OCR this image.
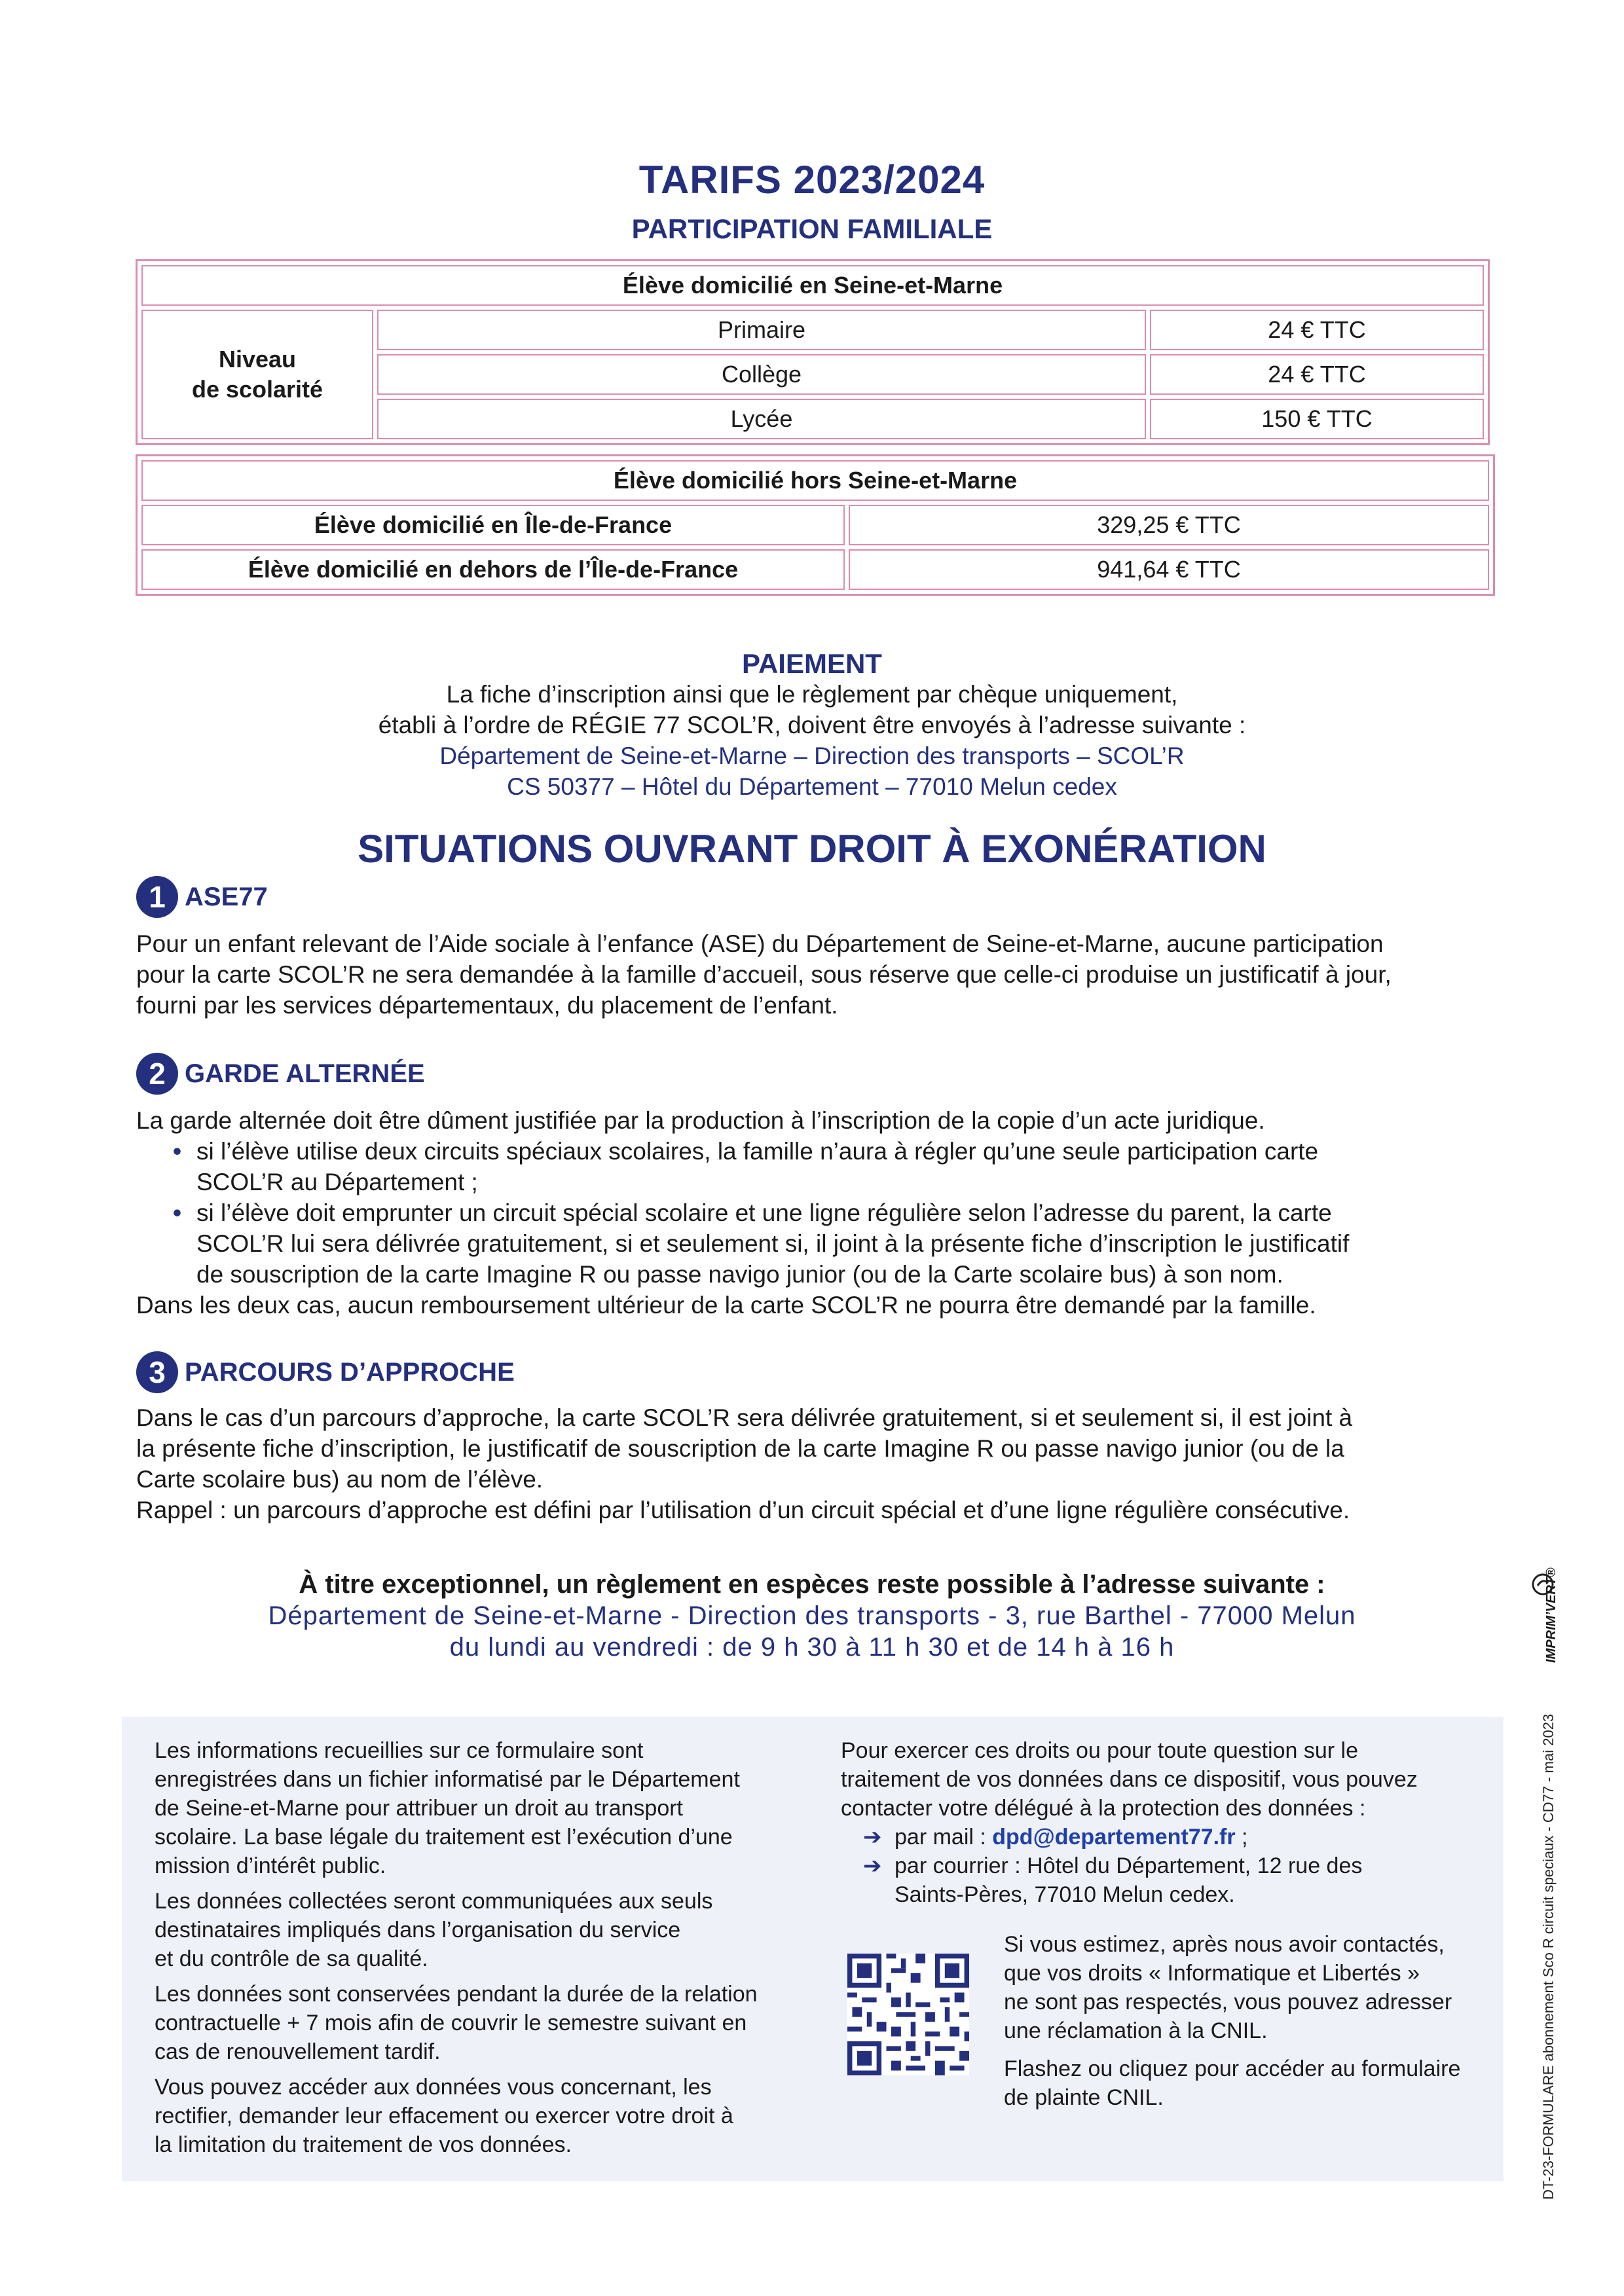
TARIFS 2023/2024
PARTICIPATION FAMILIALE
Élève domicilié en Seine-et-Marne		
Niveau
de scolarité	Primaire	24 € TTC
	Collège	24 € TTC
	Lycée	150 € TTC
Élève domicilié hors Seine-et-Marne	
Élève domicilié en Île-de-France	329,25 € TTC
Élève domicilié en dehors de l’Île-de-France	941,64 € TTC
PAIEMENT
La fiche d’inscription ainsi que le règlement par chèque uniquement,
établi à l’ordre de RÉGIE 77 SCOL’R, doivent être envoyés à l’adresse suivante :
Département de Seine-et-Marne – Direction des transports – SCOL’R
CS 50377 – Hôtel du Département – 77010 Melun cedex
SITUATIONS OUVRANT DROIT À EXONÉRATION
1 ASE77

Pour un enfant relevant de l’Aide sociale à l’enfance (ASE) du Département de Seine-et-Marne, aucune participation

pour la carte SCOL’R ne sera demandée à la famille d’accueil, sous réserve que celle-ci produise un justificatif à jour,

fourni par les services départementaux, du placement de l’enfant.

2 GARDE ALTERNÉE

La garde alternée doit être dûment justifiée par la production à l’inscription de la copie d’un acte juridique.

• si l’élève utilise deux circuits spéciaux scolaires, la famille n’aura à régler qu’une seule participation carte
SCOL’R au Département ;
• si l’élève doit emprunter un circuit spécial scolaire et une ligne régulière selon l’adresse du parent, la carte
SCOL’R lui sera délivrée gratuitement, si et seulement si, il joint à la présente fiche d’inscription le justificatif
de souscription de la carte Imagine R ou passe navigo junior (ou de la Carte scolaire bus) à son nom.

Dans les deux cas, aucun remboursement ultérieur de la carte SCOL’R ne pourra être demandé par la famille.

3 PARCOURS D’APPROCHE

Dans le cas d’un parcours d’approche, la carte SCOL’R sera délivrée gratuitement, si et seulement si, il est joint à

la présente fiche d’inscription, le justificatif de souscription de la carte Imagine R ou passe navigo junior (ou de la

Carte scolaire bus) au nom de l’élève.

Rappel : un parcours d’approche est défini par l’utilisation d’un circuit spécial et d’une ligne régulière consécutive.

À titre exceptionnel, un règlement en espèces reste possible à l’adresse suivante :
Département de Seine-et-Marne - Direction des transports - 3, rue Barthel - 77000 Melun
du lundi au vendredi : de 9 h 30 à 11 h 30 et de 14 h à 16 h	IMPRIM’VERT®
DT-23-FORMULARE abonnement Sco R circuit speciaux - CD77 - mai 2023

Les informations recueillies sur ce formulaire sont
enregistrées dans un fichier informatisé par le Département
de Seine-et-Marne pour attribuer un droit au transport
scolaire. La base légale du traitement est l’exécution d’une
mission d’intérêt public.

Les données collectées seront communiquées aux seuls
destinataires impliqués dans l’organisation du service
et du contrôle de sa qualité.

Les données sont conservées pendant la durée de la relation
contractuelle + 7 mois afin de couvrir le semestre suivant en
cas de renouvellement tardif.

Vous pouvez accéder aux données vous concernant, les
rectifier, demander leur effacement ou exercer votre droit à
la limitation du traitement de vos données.

Pour exercer ces droits ou pour toute question sur le
traitement de vos données dans ce dispositif, vous pouvez
contacter votre délégué à la protection des données :

➔ par mail : dpd@departement77.fr ;

➔ par courrier : Hôtel du Département, 12 rue des
Saints-Pères, 77010 Melun cedex.

Si vous estimez, après nous avoir contactés,
que vos droits « Informatique et Libertés »
ne sont pas respectés, vous pouvez adresser
une réclamation à la CNIL.

Flashez ou cliquez pour accéder au formulaire
de plainte CNIL.
